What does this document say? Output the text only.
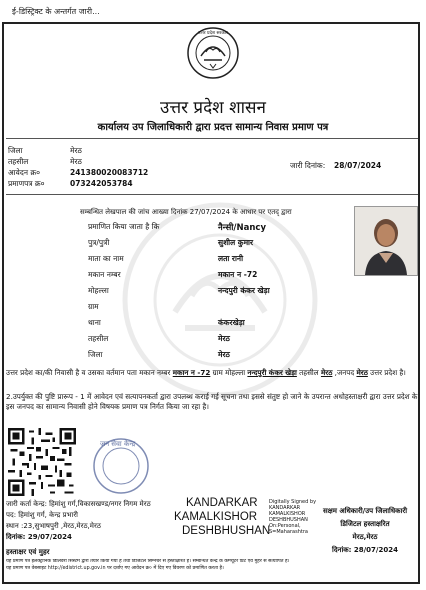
ई-डिस्ट्रिक्ट के अन्तर्गत जारी...
उत्तर प्रदेश सरकार
उत्तर प्रदेश शासन
कार्यालय उप जिलाधिकारी द्वारा प्रदत्त सामान्य निवास प्रमाण पत्र
जिला	मेरठ
तहसील	मेरठ
आवेदन क्र०	241380020083712
प्रमाणपत्र क्र०	073242053784
जारी दिनांक: 28/07/2024
सम्बन्धित लेखपाल की जांच आख्या दिनांक 27/07/2024 के आधार पर एतद् द्वारा
प्रमाणित किया जाता है कि	नैन्सी/Nancy
पुत्र/पुत्री	सुशील कुमार
माता का नाम	लता रानी
मकान नम्बर	मकान न -72
मोहल्ला	नन्दपुरी कंकर खेड़ा
ग्राम
थाना	कंकरखेड़ा
तहसील	मेरठ
जिला	मेरठ
उत्तर प्रदेश का/की निवासी है व उसका वर्तमान पता मकान नम्बर मकान न -72 ग्राम मोहल्ला नन्दपुरी कंकर खेड़ा तहसील मेरठ ,जनपद मेरठ उत्तर प्रदेश है।
2.उपर्युक्त की पुष्टि प्रारूप - 1 में आवेदन एवं सत्यापनकर्ता द्वारा उपलब्ध कराई गई सूचना तथा इससे संतुष्ट हो जाने के उपरान्त अधोहस्ताक्षरी द्वारा उत्तर प्रदेश के इस जनपद का सामान्य निवासी होने विषयक प्रमाण पत्र निर्गत किया जा रहा है।
जन सेवा केन्द्र
जारी कर्ता केन्द्र: हिमांशु गर्ग,विकासखण्ड/नगर निगम मेरठ
पद: हिमांशु गर्ग, केन्द्र प्रभारी
स्थान :23,सुभाषपुरी ,मेरठ,मेरठ,मेरठ
दिनांक: 29/07/2024
हस्ताक्षर एवं मुहर
KANDARKAR
KAMALKISHOR
DESHBHUSHAN
Digitally Signed by KANDARKAR KAMALKISHOR DESHBHUSHAN On:Personal, S=Maharashtra
सक्षम अधिकारी/उप जिलाधिकारी
डिजिटल हस्ताक्षरित
मेरठ,मेरठ
दिनांक: 28/07/2024
यह प्रमाण पत्र इलेक्ट्रॉनिक डिलिवरी सिस्टम द्वारा तैयार किया गया है तथा डिजिटल सिग्नेचर से हस्ताक्षरित है। सम्बन्धित केन्द्र के कम्प्यूटर प्रिंट एवं मुहर से सत्यापित है।
यह प्रमाण पत्र वेबसाइट http://edistrict.up.gov.in पर दर्शाए गए आवेदन क्र० में दिए गए विवरण को प्रमाणित करता है।
